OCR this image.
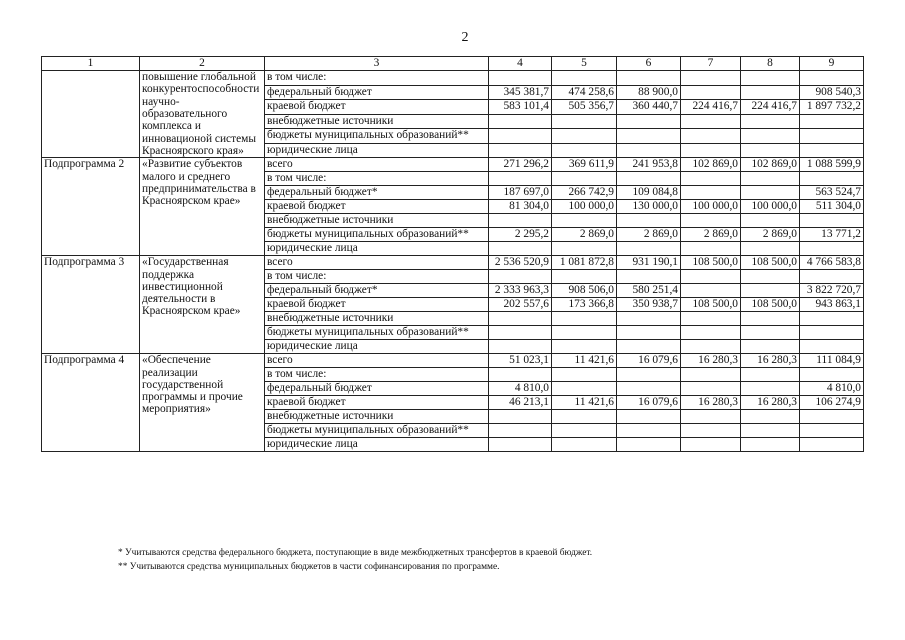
2
1	2	3	4	5	6	7	8	9
	повышение глобальной конкурентоспособности научно-образовательного комплекса и инновационой системы Красноярского края»	в том числе:						
		федеральный бюджет	345 381,7	474 258,6	88 900,0			908 540,3
		краевой бюджет	583 101,4	505 356,7	360 440,7	224 416,7	224 416,7	1 897 732,2
		внебюджетные источники						
		бюджеты муниципальных образований**						
		юридические лица						
Подпрограмма 2	«Развитие субъектов малого и среднего предпринимательства в Красноярском крае»	всего	271 296,2	369 611,9	241 953,8	102 869,0	102 869,0	1 088 599,9
		в том числе:						
		федеральный бюджет*	187 697,0	266 742,9	109 084,8			563 524,7
		краевой бюджет	81 304,0	100 000,0	130 000,0	100 000,0	100 000,0	511 304,0
		внебюджетные источники						
		бюджеты муниципальных образований**	2 295,2	2 869,0	2 869,0	2 869,0	2 869,0	13 771,2
		юридические лица						
Подпрограмма 3	«Государственная поддержка инвестиционной деятельности в Красноярском крае»	всего	2 536 520,9	1 081 872,8	931 190,1	108 500,0	108 500,0	4 766 583,8
		в том числе:						
		федеральный бюджет*	2 333 963,3	908 506,0	580 251,4			3 822 720,7
		краевой бюджет	202 557,6	173 366,8	350 938,7	108 500,0	108 500,0	943 863,1
		внебюджетные источники						
		бюджеты муниципальных образований**						
		юридические лица						
Подпрограмма 4	«Обеспечение реализации государственной программы и прочие мероприятия»	всего	51 023,1	11 421,6	16 079,6	16 280,3	16 280,3	111 084,9
		в том числе:						
		федеральный бюджет	4 810,0					4 810,0
		краевой бюджет	46 213,1	11 421,6	16 079,6	16 280,3	16 280,3	106 274,9
		внебюджетные источники						
		бюджеты муниципальных образований**						
		юридические лица						
* Учитываются средства федерального бюджета, поступающие в виде межбюджетных трансфертов в краевой бюджет.
** Учитываются средства муниципальных бюджетов в части софинансирования по программе.
